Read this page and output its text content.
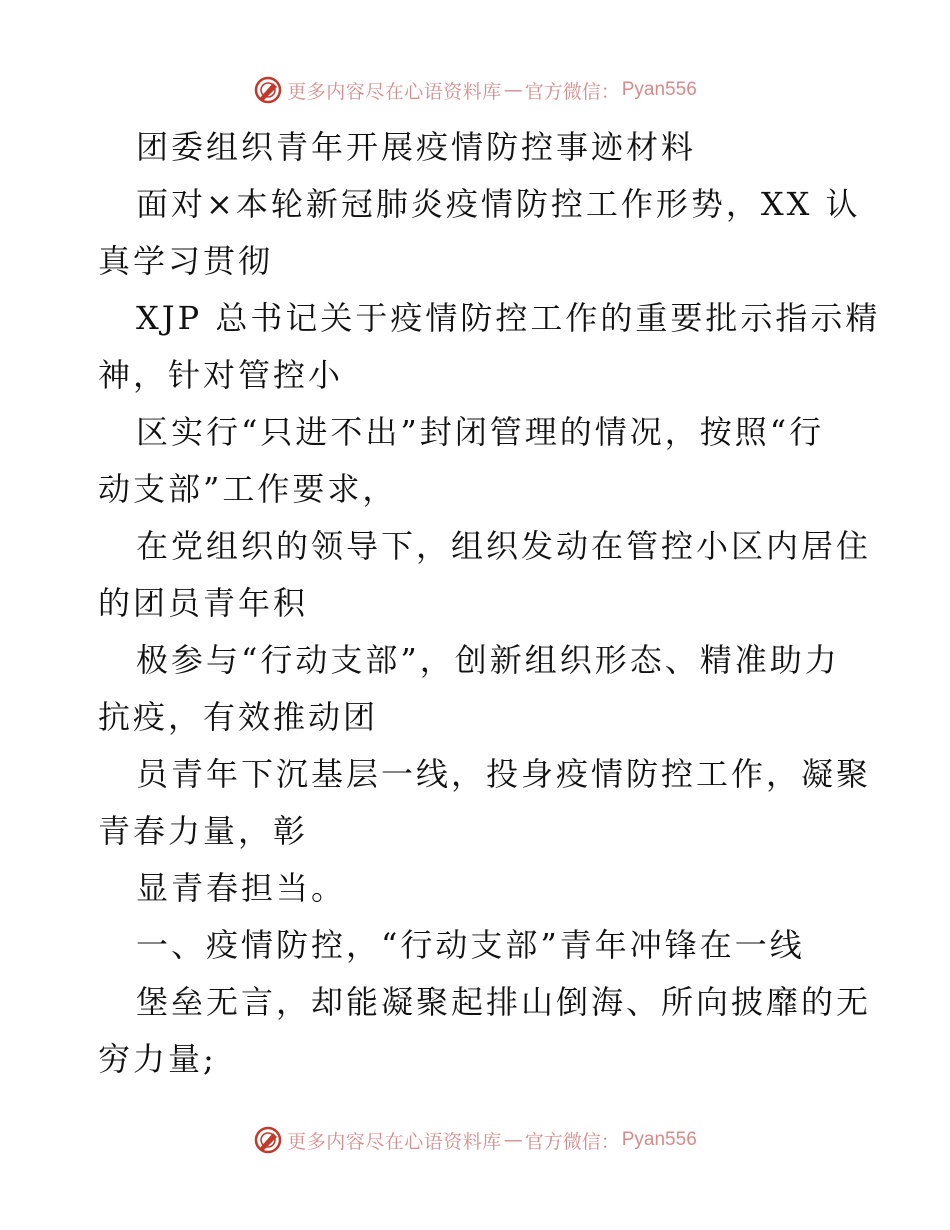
更多内容尽在心语资料库 — 官方微信： Pyan556
团委组织青年开展疫情防控事迹材料
面对×本轮新冠肺炎疫情防控工作形势，XX 认
真学习贯彻
XJP 总书记关于疫情防控工作的重要批示指示精
神，针对管控小
区实行“只进不出”封闭管理的情况，按照“行
动支部”工作要求，
在党组织的领导下，组织发动在管控小区内居住
的团员青年积
极参与“行动支部”，创新组织形态、精准助力
抗疫，有效推动团
员青年下沉基层一线，投身疫情防控工作，凝聚
青春力量，彰
显青春担当。
一、疫情防控，“行动支部”青年冲锋在一线
堡垒无言，却能凝聚起排山倒海、所向披靡的无
穷力量;
更多内容尽在心语资料库 — 官方微信： Pyan556
